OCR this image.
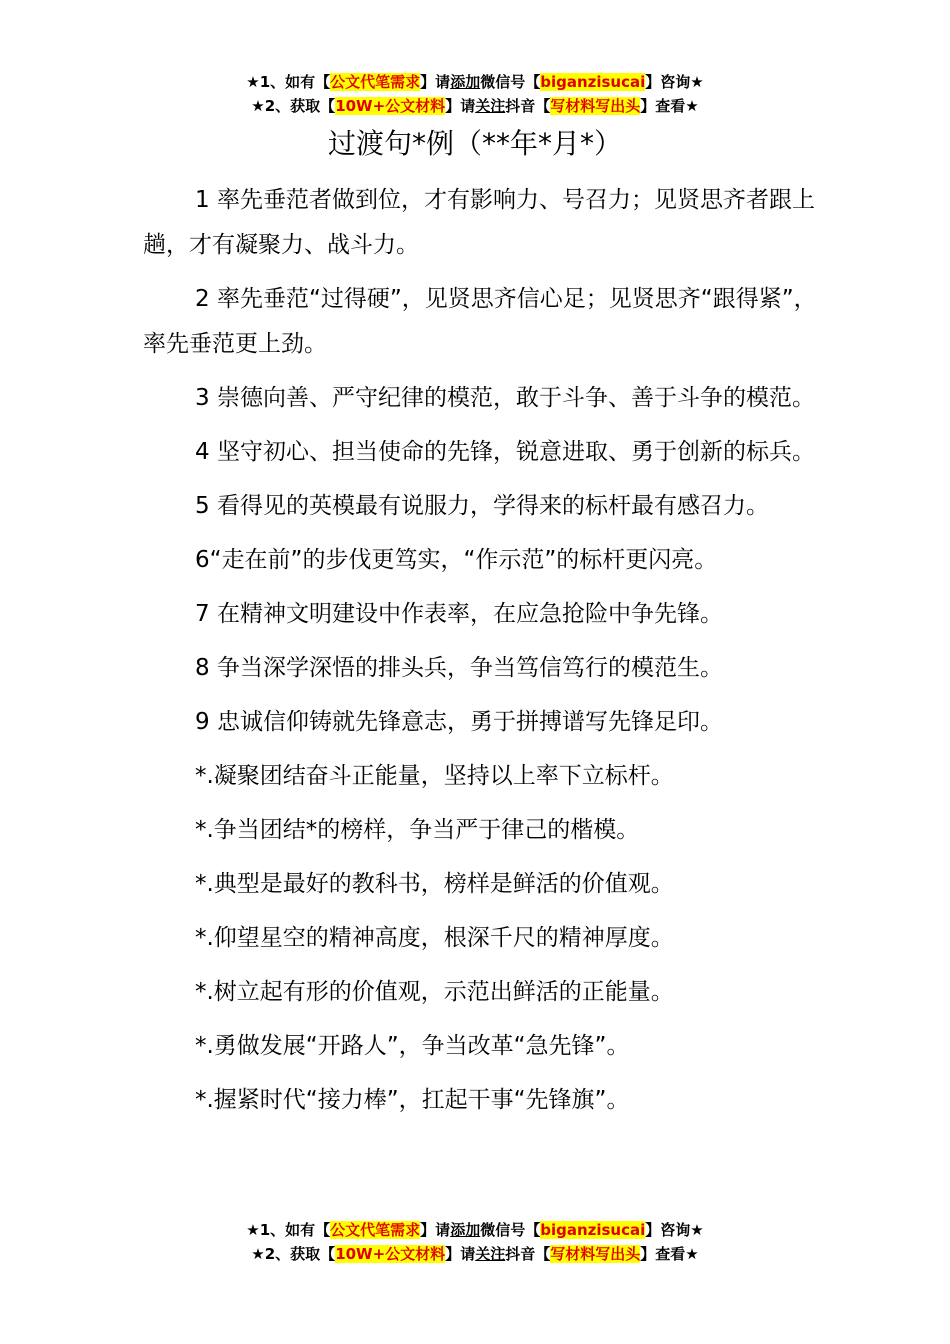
★1、如有【公文代笔需求】请添加微信号【biganzisucai】咨询★
★2、获取【10W+公文材料】请关注抖音【写材料写出头】查看★
过渡句*例（**年*月*）

1 率先垂范者做到位，才有影响力、号召力；见贤思齐者跟上趟，才有凝聚力、战斗力。

2 率先垂范“过得硬”，见贤思齐信心足；见贤思齐“跟得紧”，率先垂范更上劲。

3 崇德向善、严守纪律的模范，敢于斗争、善于斗争的模范。

4 坚守初心、担当使命的先锋，锐意进取、勇于创新的标兵。

5 看得见的英模最有说服力，学得来的标杆最有感召力。

6“走在前”的步伐更笃实，“作示范”的标杆更闪亮。

7 在精神文明建设中作表率，在应急抢险中争先锋。

8 争当深学深悟的排头兵，争当笃信笃行的模范生。

9 忠诚信仰铸就先锋意志，勇于拼搏谱写先锋足印。

*.凝聚团结奋斗正能量，坚持以上率下立标杆。

*.争当团结*的榜样，争当严于律己的楷模。

*.典型是最好的教科书，榜样是鲜活的价值观。

*.仰望星空的精神高度，根深千尺的精神厚度。

*.树立起有形的价值观，示范出鲜活的正能量。

*.勇做发展“开路人”，争当改革“急先锋”。

*.握紧时代“接力棒”，扛起干事“先锋旗”。

★1、如有【公文代笔需求】请添加微信号【biganzisucai】咨询★
★2、获取【10W+公文材料】请关注抖音【写材料写出头】查看★
